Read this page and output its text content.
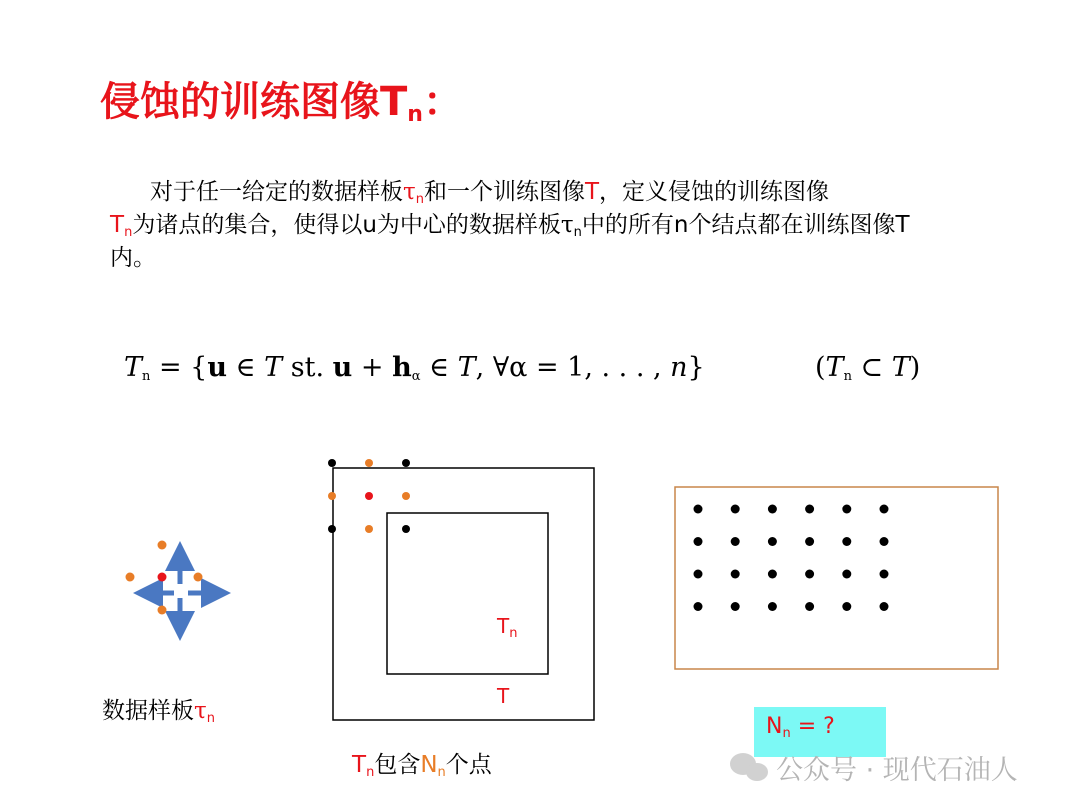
侵蚀的训练图像$T_n$：
对于任一给定的数据样板$\tau_n$和一个训练图像T，定义侵蚀的训练图像
$T_n$为诸点的集合，使得以u为中心的数据样板$\tau_n$中的所有n个结点都在训练图像T内。
$T_n = \{u$ ∈ T st. $u + h_\alpha$ ∈ T, ∀α = 1, . . . , n}	($T_n$ ⊂ T)
数据样板$\tau_n$
$T_n$
T
$T_n$包含$N_n$个点
$N_n$ = ?
公众号 · 现代石油人
